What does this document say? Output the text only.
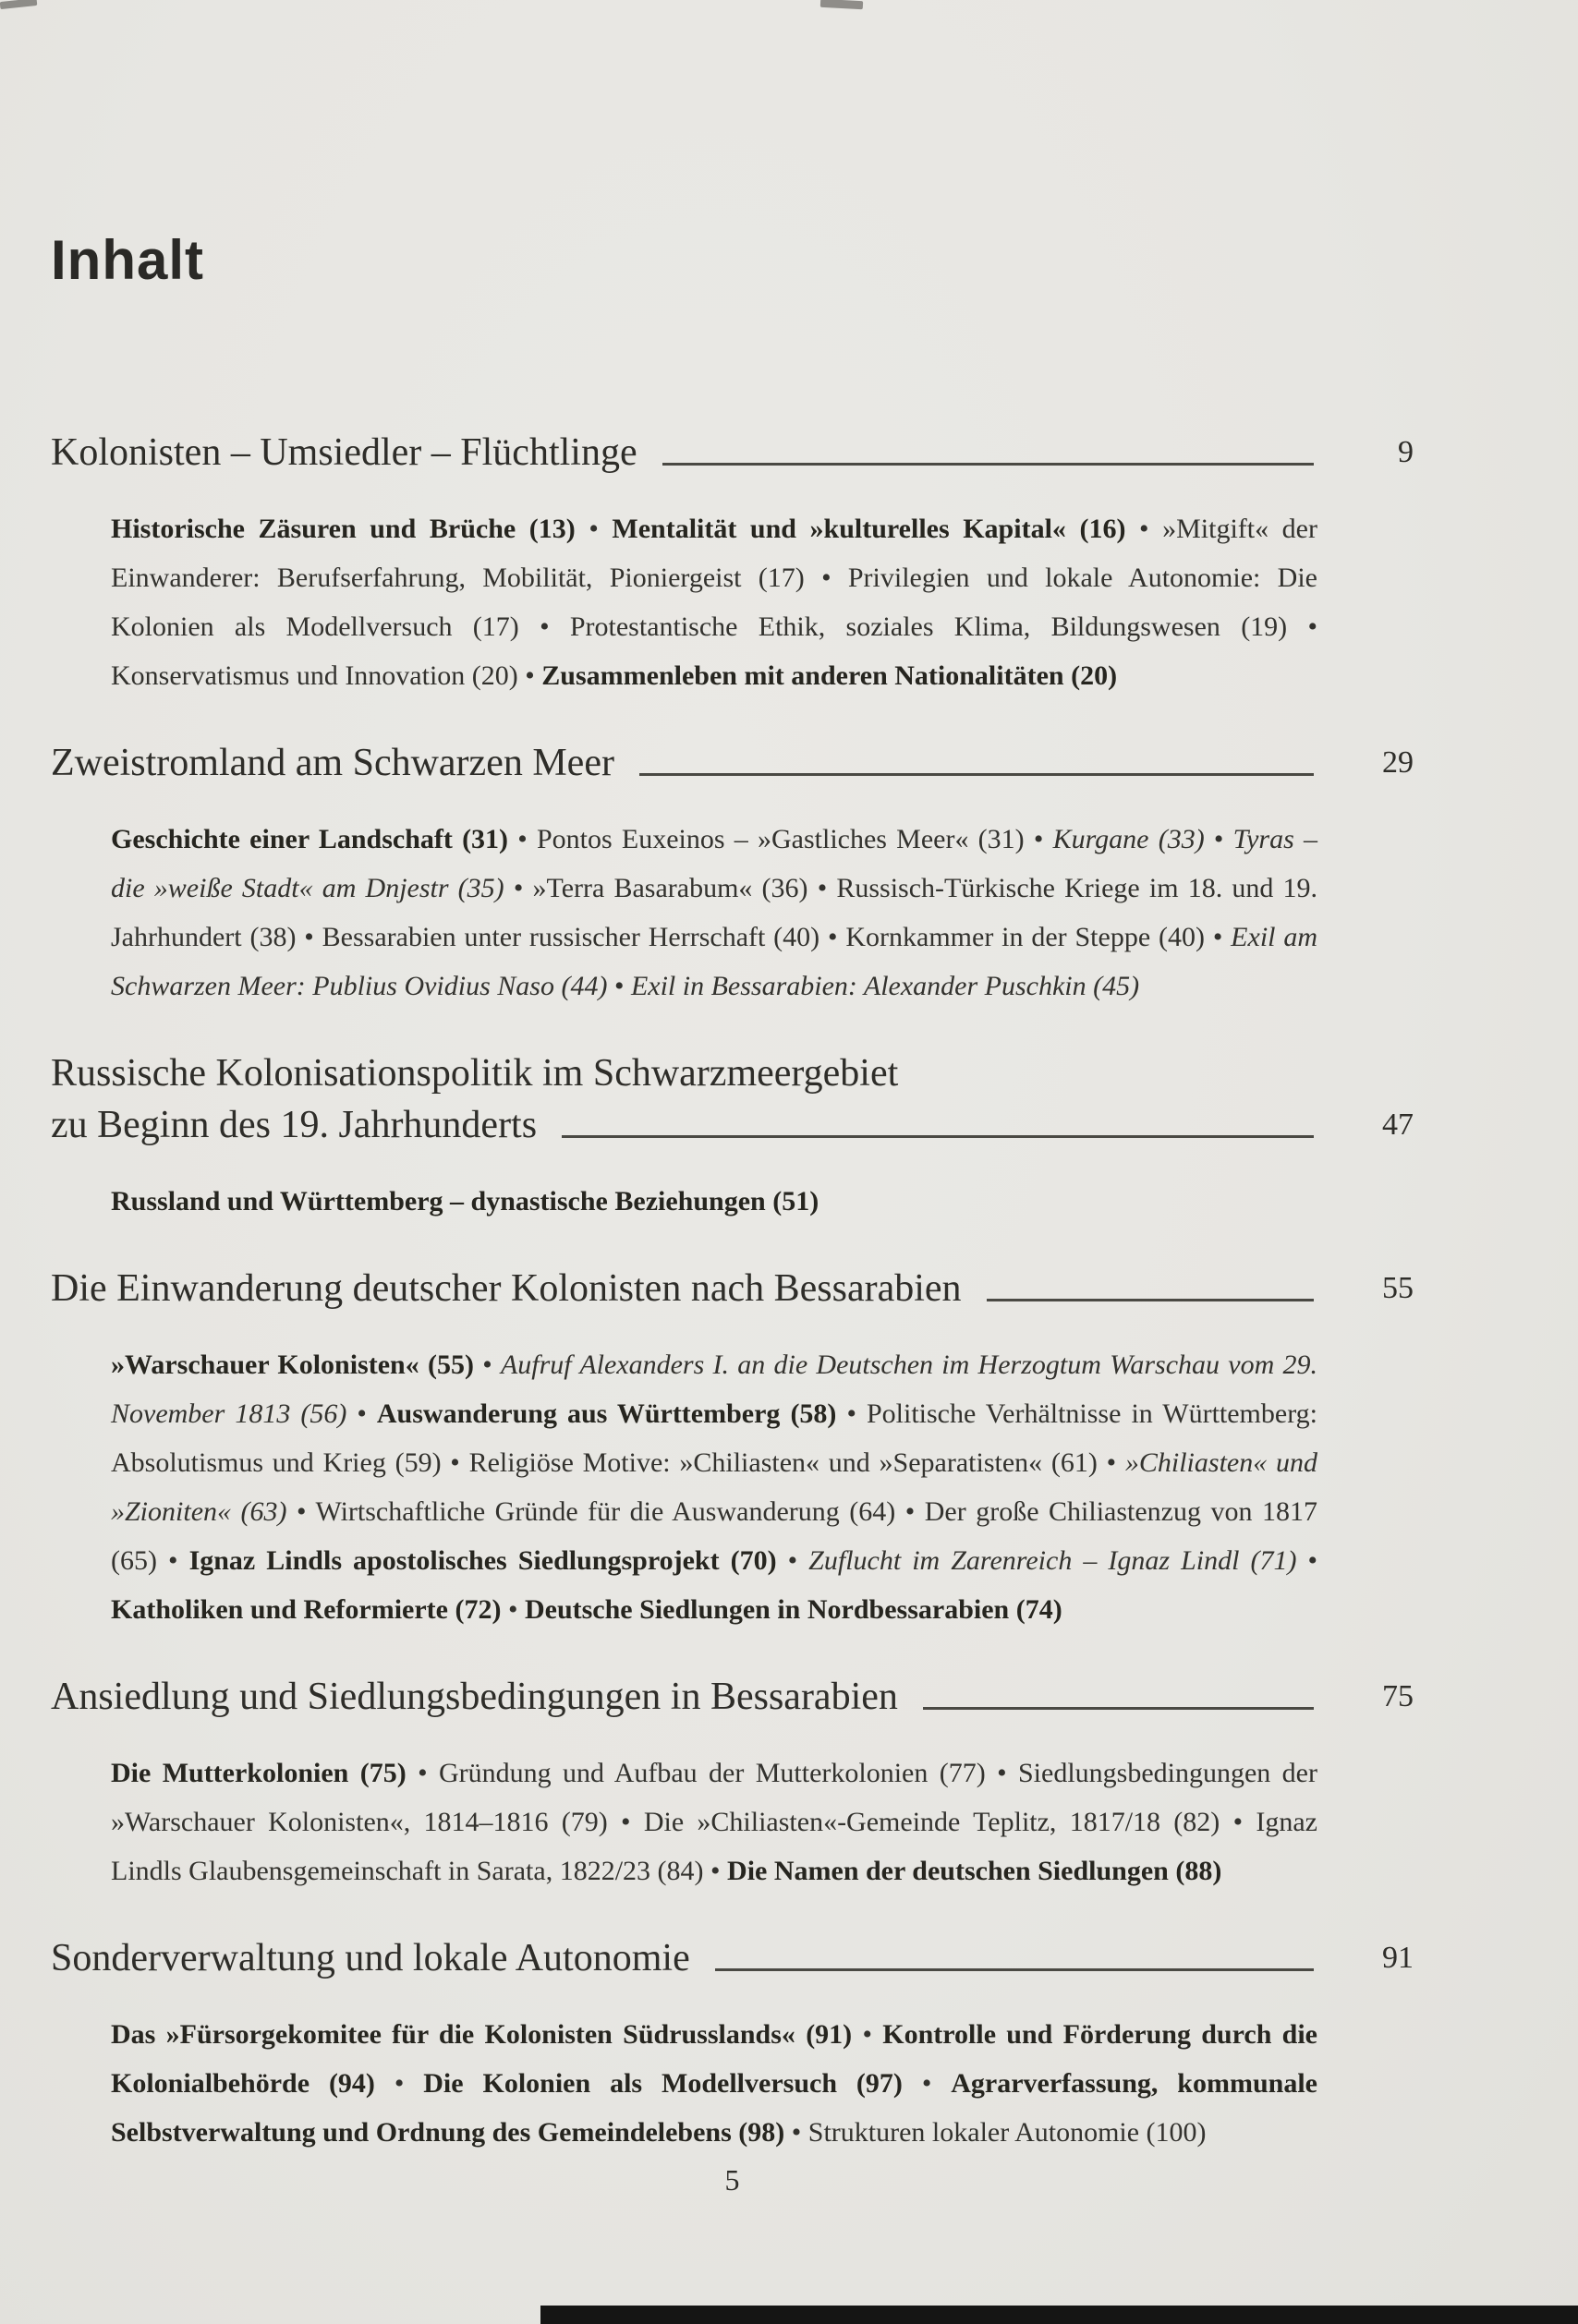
Inhalt
Kolonisten – Umsiedler – Flüchtlinge	9

Historische Zäsuren und Brüche (13) • Mentalität und »kulturelles Kapital« (16) • »Mitgift« der Einwanderer: Berufserfahrung, Mobilität, Pioniergeist (17) • Privilegien und lokale Autonomie: Die Kolonien als Modellversuch (17) • Protestantische Ethik, soziales Klima, Bildungswesen (19) • Konservatismus und Innovation (20) • Zusammenleben mit anderen Nationalitäten (20)

Zweistromland am Schwarzen Meer	29

Geschichte einer Landschaft (31) • Pontos Euxeinos – »Gastliches Meer« (31) • Kurgane (33) • Tyras – die »weiße Stadt« am Dnjestr (35) • »Terra Basarabum« (36) • Russisch-Türkische Kriege im 18. und 19. Jahrhundert (38) • Bessarabien unter russischer Herrschaft (40) • Kornkammer in der Steppe (40) • Exil am Schwarzen Meer: Publius Ovidius Naso (44) • Exil in Bessarabien: Alexander Puschkin (45)

Russische Kolonisationspolitik im Schwarzmeergebiet
zu Beginn des 19. Jahrhunderts	47

Russland und Württemberg – dynastische Beziehungen (51)

Die Einwanderung deutscher Kolonisten nach Bessarabien	55

»Warschauer Kolonisten« (55) • Aufruf Alexanders I. an die Deutschen im Herzogtum Warschau vom 29. November 1813 (56) • Auswanderung aus Württemberg (58) • Politische Verhältnisse in Württemberg: Absolutismus und Krieg (59) • Religiöse Motive: »Chiliasten« und »Separatisten« (61) • »Chiliasten« und »Zioniten« (63) • Wirtschaftliche Gründe für die Auswanderung (64) • Der große Chiliastenzug von 1817 (65) • Ignaz Lindls apostolisches Siedlungsprojekt (70) • Zuflucht im Zarenreich – Ignaz Lindl (71) • Katholiken und Reformierte (72) • Deutsche Siedlungen in Nordbessarabien (74)

Ansiedlung und Siedlungsbedingungen in Bessarabien	75

Die Mutterkolonien (75) • Gründung und Aufbau der Mutterkolonien (77) • Siedlungsbedingungen der »Warschauer Kolonisten«, 1814–1816 (79) • Die »Chiliasten«-Gemeinde Teplitz, 1817/18 (82) • Ignaz Lindls Glaubensgemeinschaft in Sarata, 1822/23 (84) • Die Namen der deutschen Siedlungen (88)

Sonderverwaltung und lokale Autonomie	91

Das »Fürsorgekomitee für die Kolonisten Südrusslands« (91) • Kontrolle und Förderung durch die Kolonialbehörde (94) • Die Kolonien als Modellversuch (97) • Agrarverfassung, kommunale Selbstverwaltung und Ordnung des Gemeindelebens (98) • Strukturen lokaler Autonomie (100)

5
